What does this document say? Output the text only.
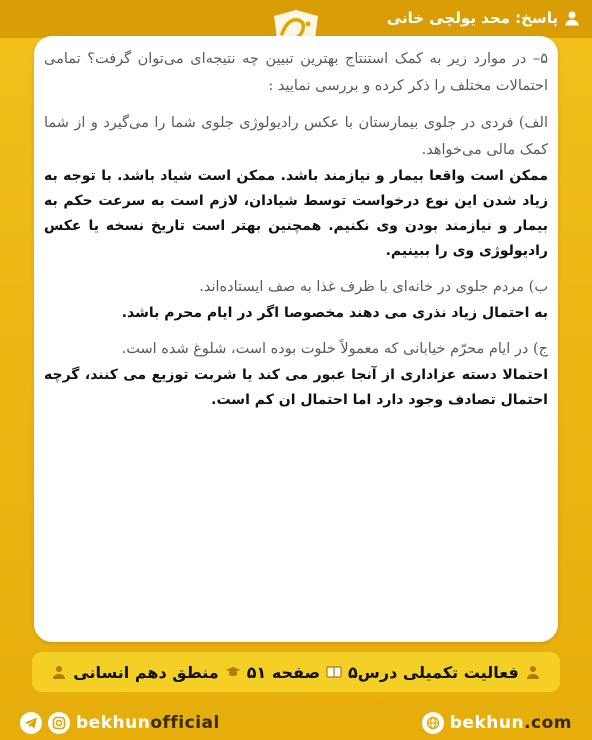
پاسخ: محد یولچی خانی

۵– در موارد زیر به کمک استنتاج بهترین تبیین چه نتیجه‌ای می‌توان گرفت؟ تمامی احتمالات مختلف را ذکر کرده و بررسی نمایید :

الف) فردی در جلوی بیمارستان با عکس رادیولوژی جلوی شما را می‌گیرد و از شما کمک مالی می‌خواهد.

ممکن است واقعا بیمار و نیازمند باشد. ممکن است شیاد باشد. با توجه به زیاد شدن این نوع درخواست توسط شیادان، لازم است به سرعت حکم به بیمار و نیازمند بودن وی نکنیم. همچنین بهتر است تاریخ نسخه یا عکس رادیولوژی وی را ببینیم.

ب) مردم جلوی در خانه‌ای با ظرف غذا به صف ایستاده‌اند.

به احتمال زیاد نذری می دهند مخصوصا اگر در ایام محرم باشد.

ج) در ایام محرّم خیابانی که معمولاً خلوت بوده است، شلوغ شده است.

احتمالا دسته عزاداری از آنجا عبور می کند یا شربت توزیع می کنند، گرچه احتمال تصادف وجود دارد اما احتمال ان کم است.

فعالیت تکمیلی درس۵
صفحه ۵۱
منطق دهم انسانی
bekhunofficial	bekhun.com
